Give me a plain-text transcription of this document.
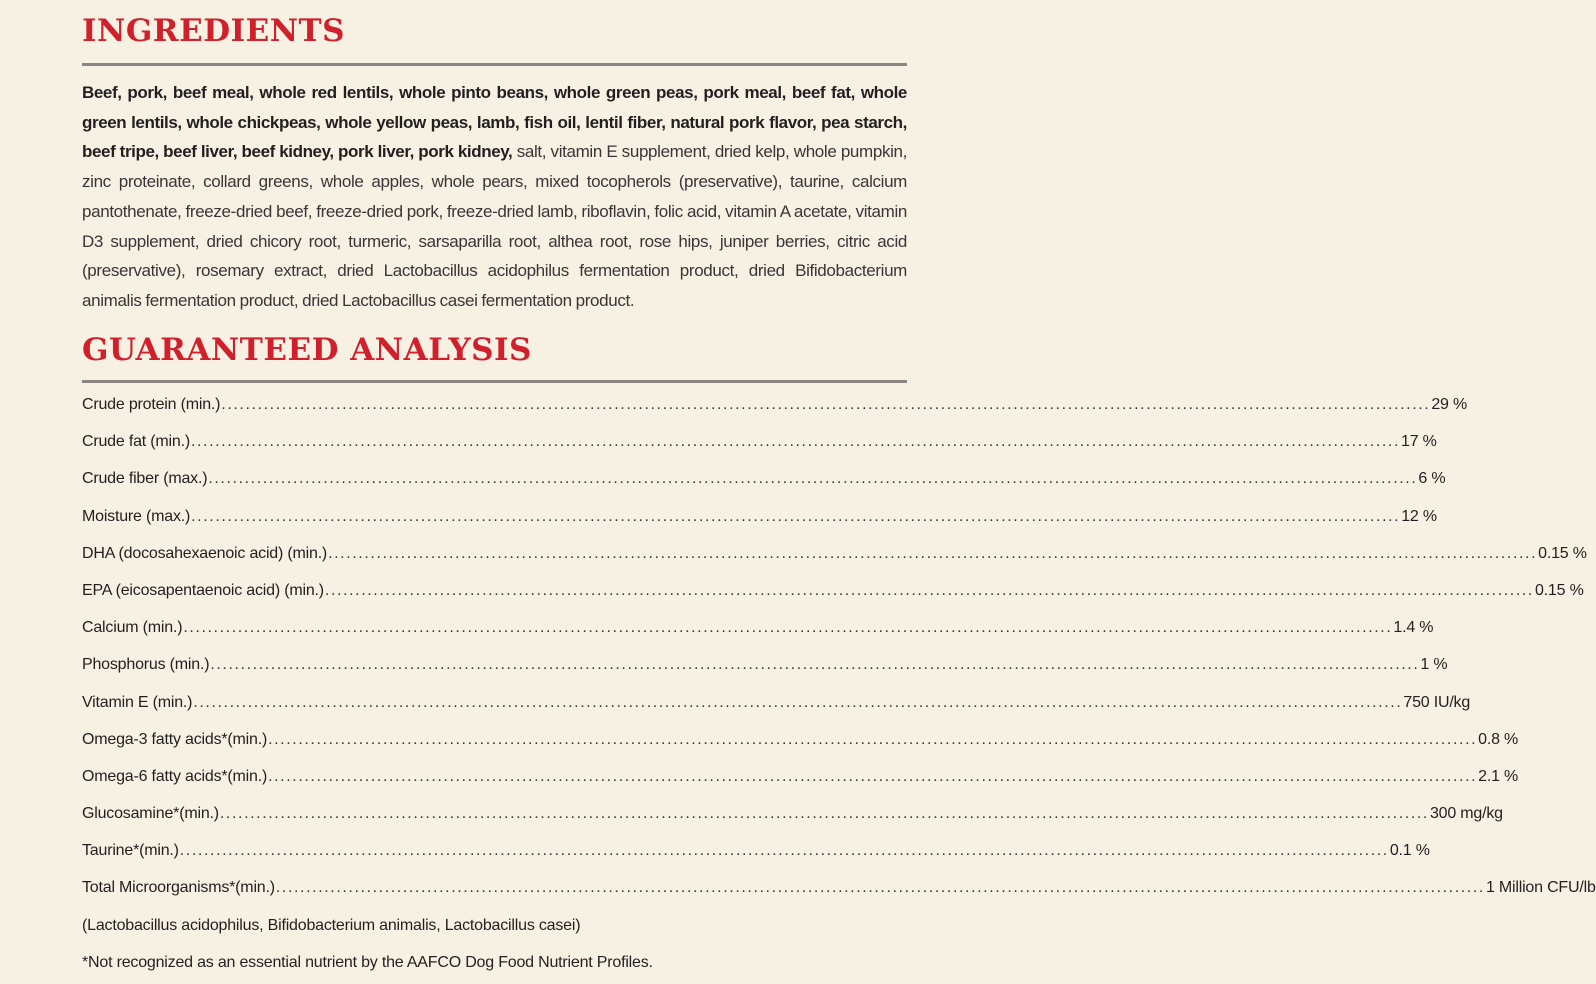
INGREDIENTS

Beef, pork, beef meal, whole red lentils, whole pinto beans, whole green peas, pork meal, beef fat, whole green lentils, whole chickpeas, whole yellow peas, lamb, fish oil, lentil fiber, natural pork flavor, pea starch, beef tripe, beef liver, beef kidney, pork liver, pork kidney, salt, vitamin E supplement, dried kelp, whole pumpkin, zinc proteinate, collard greens, whole apples, whole pears, mixed tocopherols (preservative), taurine, calcium pantothenate, freeze-dried beef, freeze-dried pork, freeze-dried lamb, riboflavin, folic acid, vitamin A acetate, vitamin D3 supplement, dried chicory root, turmeric, sarsaparilla root, althea root, rose hips, juniper berries, citric acid (preservative), rosemary extract, dried Lactobacillus acidophilus fermentation product, dried Bifidobacterium animalis fermentation product, dried Lactobacillus casei fermentation product.

GUARANTEED ANALYSIS
Crude protein (min.) ........................................................................................................................................................................................................ 29 %
Crude fat (min.) ........................................................................................................................................................................................................ 17 %
Crude fiber (max.) ........................................................................................................................................................................................................ 6 %
Moisture (max.) ........................................................................................................................................................................................................ 12 %
DHA (docosahexaenoic acid) (min.) ........................................................................................................................................................................................................ 0.15 %
EPA (eicosapentaenoic acid) (min.) ........................................................................................................................................................................................................ 0.15 %
Calcium (min.) ........................................................................................................................................................................................................ 1.4 %
Phosphorus (min.) ........................................................................................................................................................................................................ 1 %
Vitamin E (min.) ........................................................................................................................................................................................................ 750 IU/kg
Omega-3 fatty acids*(min.) ........................................................................................................................................................................................................ 0.8 %
Omega-6 fatty acids*(min.) ........................................................................................................................................................................................................ 2.1 %
Glucosamine*(min.) ........................................................................................................................................................................................................ 300 mg/kg
Taurine*(min.) ........................................................................................................................................................................................................ 0.1 %
Total Microorganisms*(min.) ........................................................................................................................................................................................................ 1 Million CFU/lb
(Lactobacillus acidophilus, Bifidobacterium animalis, Lactobacillus casei)
*Not recognized as an essential nutrient by the AAFCO Dog Food Nutrient Profiles.
